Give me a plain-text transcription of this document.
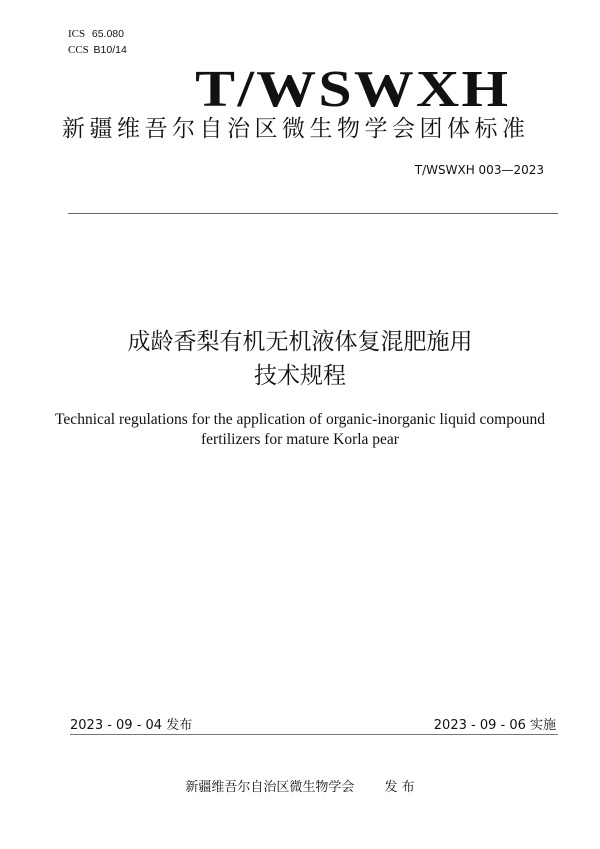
ICS 65.080
CCS B10/14
T/WSWXH
新疆维吾尔自治区微生物学会团体标准
T/WSWXH 003—2023
成龄香梨有机无机液体复混肥施用
技术规程
Technical regulations for the application of organic-inorganic liquid compound
fertilizers for mature Korla pear
2023 - 09 - 04 发布	2023 - 09 - 06 实施
新疆维吾尔自治区微生物学会 发 布
